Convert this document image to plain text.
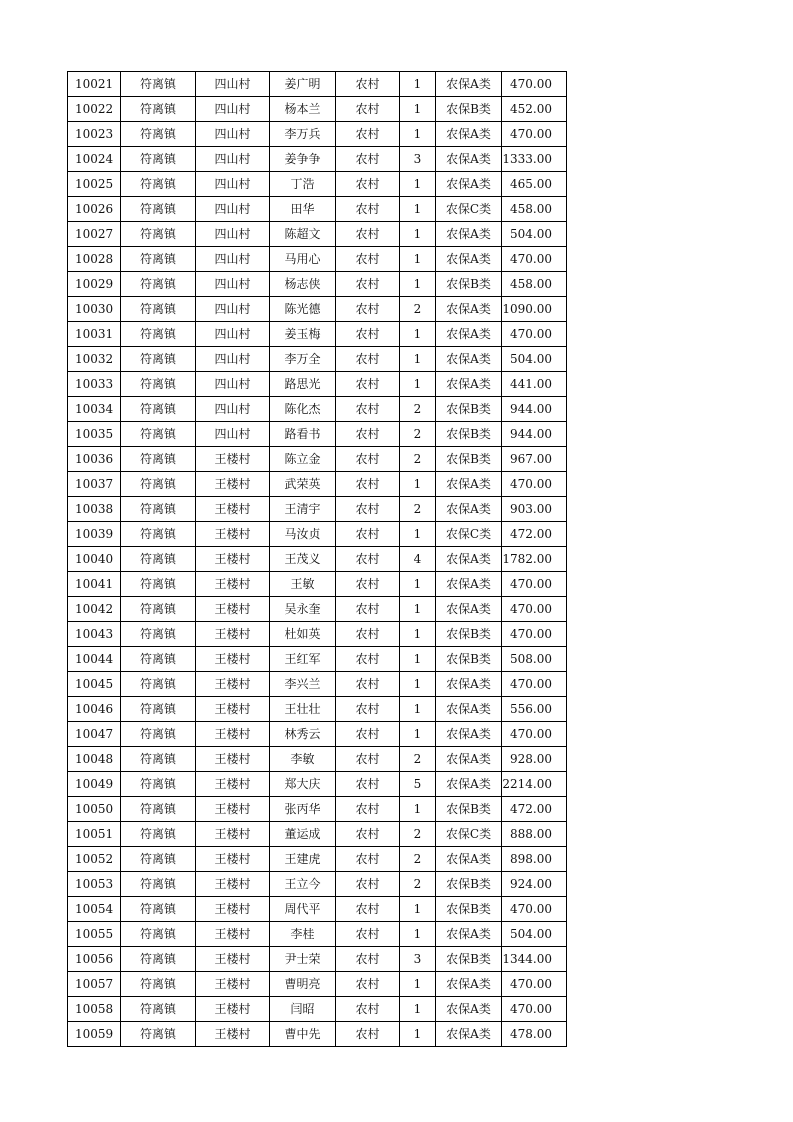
10021	符离镇	四山村	姜广明	农村	1	农保A类	470.00
10022	符离镇	四山村	杨本兰	农村	1	农保B类	452.00
10023	符离镇	四山村	李万兵	农村	1	农保A类	470.00
10024	符离镇	四山村	姜争争	农村	3	农保A类	1333.00
10025	符离镇	四山村	丁浩	农村	1	农保A类	465.00
10026	符离镇	四山村	田华	农村	1	农保C类	458.00
10027	符离镇	四山村	陈超文	农村	1	农保A类	504.00
10028	符离镇	四山村	马用心	农村	1	农保A类	470.00
10029	符离镇	四山村	杨志侠	农村	1	农保B类	458.00
10030	符离镇	四山村	陈光德	农村	2	农保A类	1090.00
10031	符离镇	四山村	姜玉梅	农村	1	农保A类	470.00
10032	符离镇	四山村	李万全	农村	1	农保A类	504.00
10033	符离镇	四山村	路思光	农村	1	农保A类	441.00
10034	符离镇	四山村	陈化杰	农村	2	农保B类	944.00
10035	符离镇	四山村	路看书	农村	2	农保B类	944.00
10036	符离镇	王楼村	陈立金	农村	2	农保B类	967.00
10037	符离镇	王楼村	武荣英	农村	1	农保A类	470.00
10038	符离镇	王楼村	王清宇	农村	2	农保A类	903.00
10039	符离镇	王楼村	马汝贞	农村	1	农保C类	472.00
10040	符离镇	王楼村	王茂义	农村	4	农保A类	1782.00
10041	符离镇	王楼村	王敏	农村	1	农保A类	470.00
10042	符离镇	王楼村	吴永奎	农村	1	农保A类	470.00
10043	符离镇	王楼村	杜如英	农村	1	农保B类	470.00
10044	符离镇	王楼村	王红军	农村	1	农保B类	508.00
10045	符离镇	王楼村	李兴兰	农村	1	农保A类	470.00
10046	符离镇	王楼村	王壮壮	农村	1	农保A类	556.00
10047	符离镇	王楼村	林秀云	农村	1	农保A类	470.00
10048	符离镇	王楼村	李敏	农村	2	农保A类	928.00
10049	符离镇	王楼村	郑大庆	农村	5	农保A类	2214.00
10050	符离镇	王楼村	张丙华	农村	1	农保B类	472.00
10051	符离镇	王楼村	董运成	农村	2	农保C类	888.00
10052	符离镇	王楼村	王建虎	农村	2	农保A类	898.00
10053	符离镇	王楼村	王立今	农村	2	农保B类	924.00
10054	符离镇	王楼村	周代平	农村	1	农保B类	470.00
10055	符离镇	王楼村	李桂	农村	1	农保A类	504.00
10056	符离镇	王楼村	尹士荣	农村	3	农保B类	1344.00
10057	符离镇	王楼村	曹明亮	农村	1	农保A类	470.00
10058	符离镇	王楼村	闫昭	农村	1	农保A类	470.00
10059	符离镇	王楼村	曹中先	农村	1	农保A类	478.00
